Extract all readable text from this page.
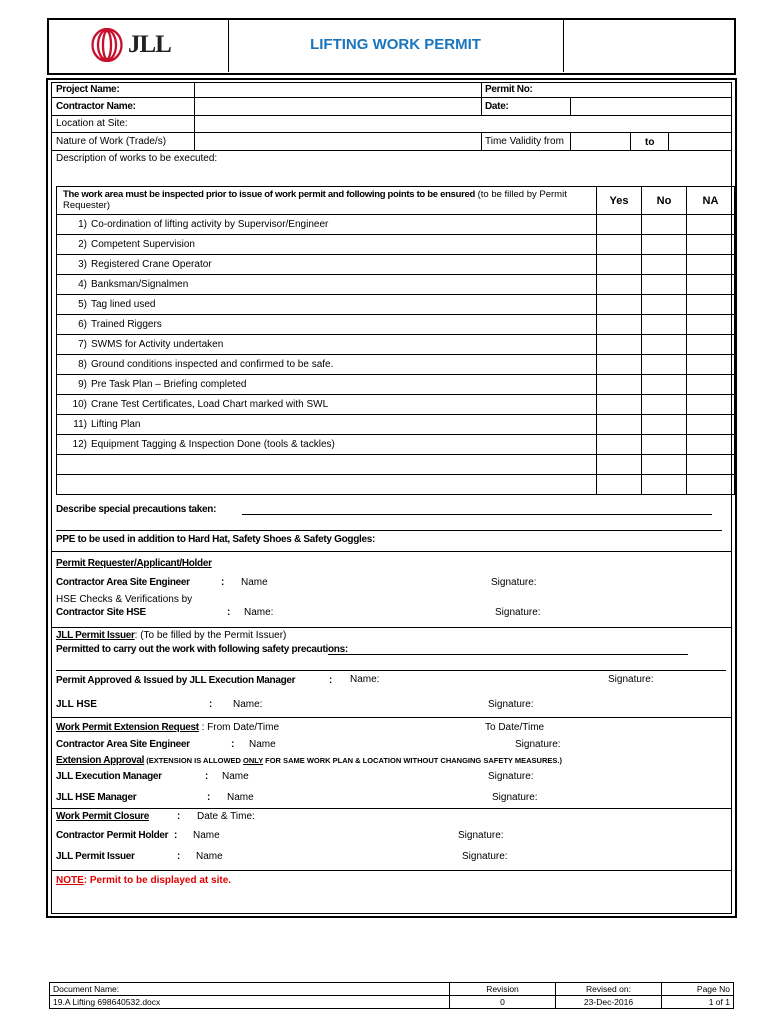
JLL	LIFTING WORK PERMIT
Project Name:	Permit No:
Contractor Name:	Date:
Location at Site:
Nature of Work (Trade/s)	Time Validity from	to
Description of works to be executed:
The work area must be inspected prior to issue of work permit and following points to be ensured (to be filled by Permit
Requester)	Yes	No	NA
1) Co-ordination of lifting activity by Supervisor/Engineer			
2) Competent Supervision			
3) Registered Crane Operator			
4) Banksman/Signalmen			
5) Tag lined used			
6) Trained Riggers			
7) SWMS for Activity undertaken			
8) Ground conditions inspected and confirmed to be safe.			
9) Pre Task Plan – Briefing completed			
10) Crane Test Certificates, Load Chart marked with SWL			
11) Lifting Plan			
12) Equipment Tagging & Inspection Done (tools & tackles)			

Describe special precautions taken:
PPE to be used in addition to Hard Hat, Safety Shoes & Safety Goggles:
Permit Requester/Applicant/Holder
Contractor Area Site Engineer	: Name	Signature:
HSE Checks & Verifications by
Contractor Site HSE	: Name:	Signature:
JLL Permit Issuer: (To be filled by the Permit Issuer)
Permitted to carry out the work with following safety precautions:
Permit Approved & Issued by JLL Execution Manager	: Name:	Signature:
JLL HSE	: Name:	Signature:
Work Permit Extension Request : From Date/Time	To Date/Time
Contractor Area Site Engineer	: Name	Signature:
Extension Approval (EXTENSION IS ALLOWED ONLY FOR SAME WORK PLAN & LOCATION WITHOUT CHANGING SAFETY MEASURES.)
JLL Execution Manager	: Name	Signature:
JLL HSE Manager	: Name	Signature:
Work Permit Closure	: Date & Time:
Contractor Permit Holder : Name	Signature:
JLL Permit Issuer	: Name	Signature:
NOTE: Permit to be displayed at site.
Document Name:	Revision	Revised on:	Page No
19.A Lifting 698640532.docx	0	23-Dec-2016	1 of 1
